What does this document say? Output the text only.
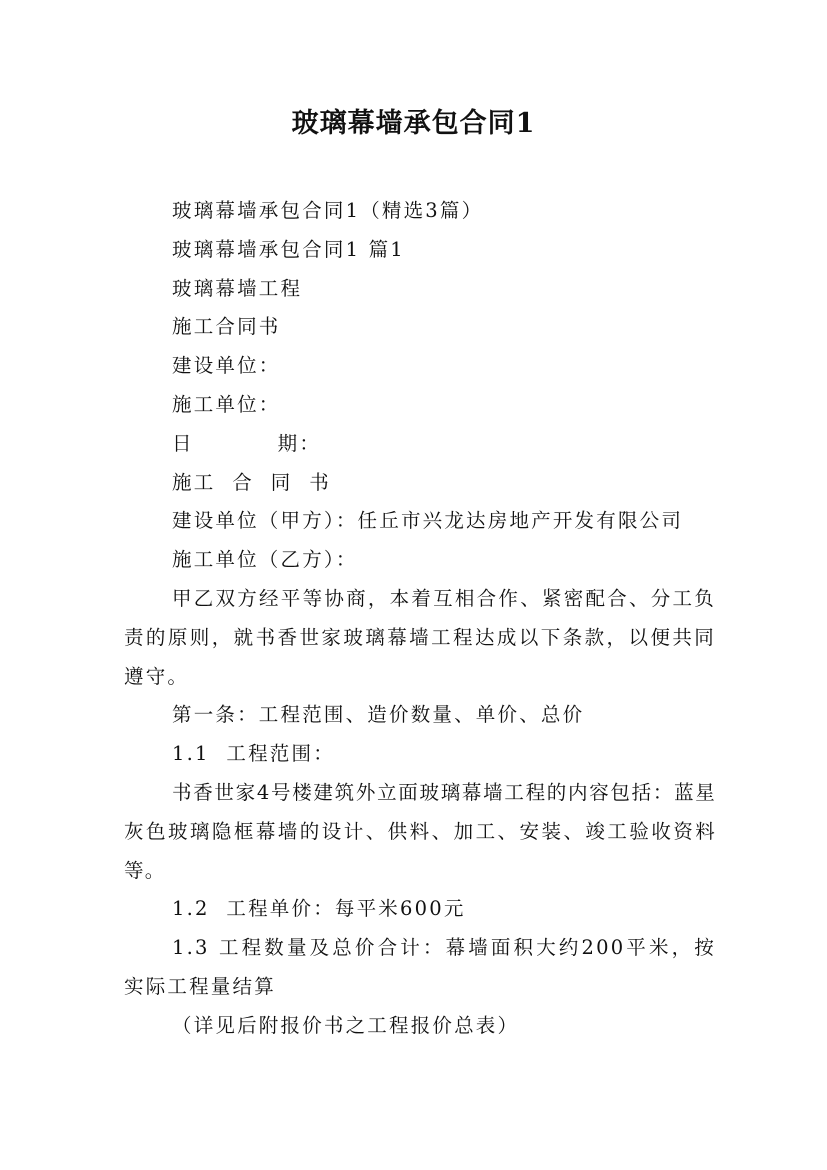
玻璃幕墙承包合同1

玻璃幕墙承包合同1（精选3篇）

玻璃幕墙承包合同1 篇1

玻璃幕墙工程

施工合同书

建设单位：

施工单位：

日          期：

施工  合  同  书

建设单位（甲方）：任丘市兴龙达房地产开发有限公司

施工单位（乙方）：

甲乙双方经平等协商，本着互相合作、紧密配合、分工负责的原则，就书香世家玻璃幕墙工程达成以下条款，以便共同遵守。

第一条：工程范围、造价数量、单价、总价

1.1  工程范围：

书香世家4号楼建筑外立面玻璃幕墙工程的内容包括：蓝星灰色玻璃隐框幕墙的设计、供料、加工、安装、竣工验收资料等。

1.2  工程单价：每平米600元

1.3 工程数量及总价合计：幕墙面积大约200平米，按实际工程量结算

（详见后附报价书之工程报价总表）
